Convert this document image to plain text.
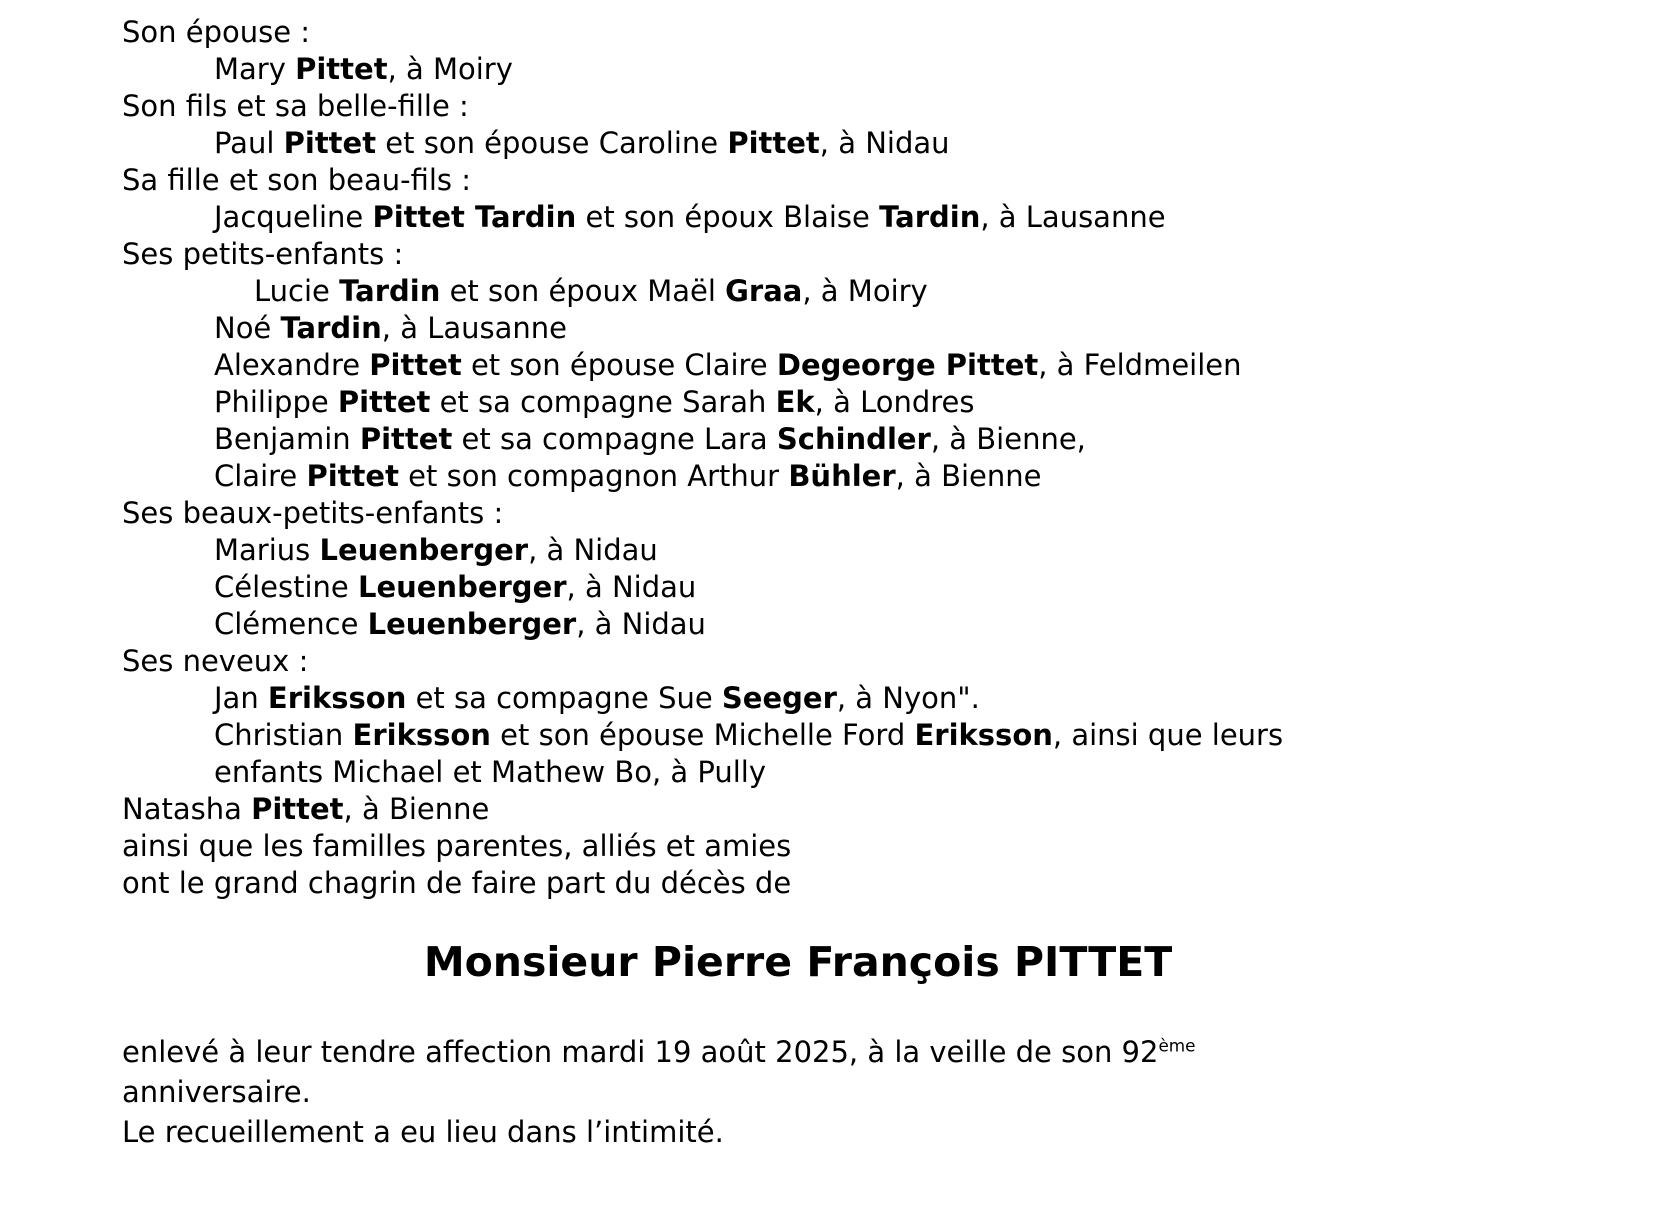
Son épouse :
Mary Pittet, à Moiry
Son fils et sa belle-fille :
Paul Pittet et son épouse Caroline Pittet, à Nidau
Sa fille et son beau-fils :
Jacqueline Pittet Tardin et son époux Blaise Tardin, à Lausanne
Ses petits-enfants :
Lucie Tardin et son époux Maël Graa, à Moiry
Noé Tardin, à Lausanne
Alexandre Pittet et son épouse Claire Degeorge Pittet, à Feldmeilen
Philippe Pittet et sa compagne Sarah Ek, à Londres
Benjamin Pittet et sa compagne Lara Schindler, à Bienne,
Claire Pittet et son compagnon Arthur Bühler, à Bienne
Ses beaux-petits-enfants :
Marius Leuenberger, à Nidau
Célestine Leuenberger, à Nidau
Clémence Leuenberger, à Nidau
Ses neveux :
Jan Eriksson et sa compagne Sue Seeger, à Nyon".
Christian Eriksson et son épouse Michelle Ford Eriksson, ainsi que leurs
enfants Michael et Mathew Bo, à Pully
Natasha Pittet, à Bienne
ainsi que les familles parentes, alliés et amies
ont le grand chagrin de faire part du décès de
Monsieur Pierre François PITTET
enlevé à leur tendre affection mardi 19 août 2025, à la veille de son 92ème
anniversaire.
Le recueillement a eu lieu dans l’intimité.
